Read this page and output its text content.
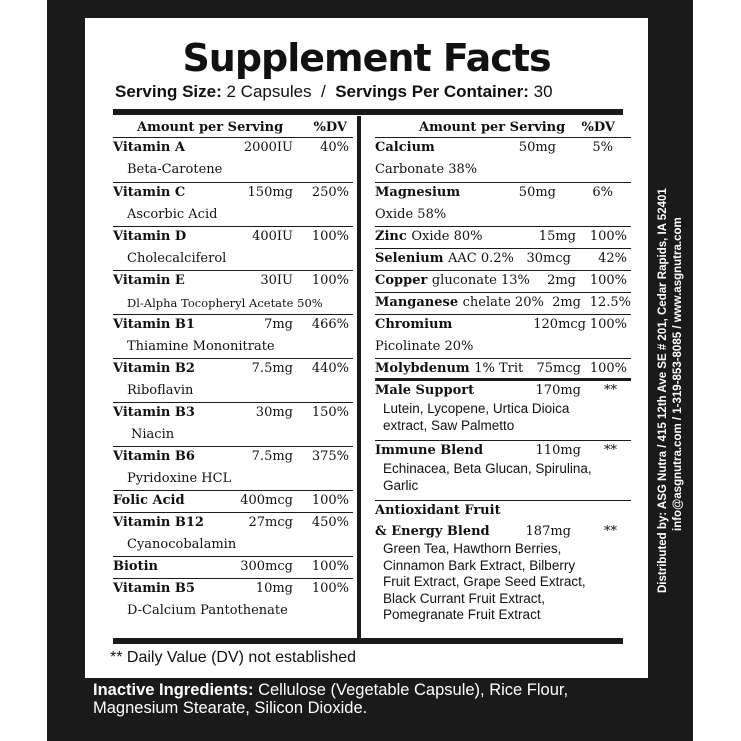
Supplement Facts
Serving Size: 2 Capsules / Servings Per Container: 30
Amount per Serving %DV
Vitamin A	2000IU 40%
Beta-Carotene
Vitamin C	150mg 250%
Ascorbic Acid
Vitamin D	400IU 100%
Cholecalciferol
Vitamin E	30IU 100%
Dl-Alpha Tocopheryl Acetate 50%
Vitamin B1	7mg 466%
Thiamine Mononitrate
Vitamin B2	7.5mg 440%
Riboflavin
Vitamin B3	30mg 150%
Niacin
Vitamin B6	7.5mg 375%
Pyridoxine HCL
Folic Acid	400mcg 100%
Vitamin B12	27mcg 450%
Cyanocobalamin
Biotin	300mcg 100%
Vitamin B5	10mg 100%
D-Calcium Pantothenate
Amount per Serving %DV
Calcium	50mg	5%
Carbonate 38%
Magnesium	50mg	6%
Oxide 58%
Zinc Oxide 80%	15mg 100%
Selenium AAC 0.2% 30mcg 42%
Copper gluconate 13% 2mg 100%
Manganese chelate 20% 2mg 12.5%
Chromium	120mcg 100%
Picolinate 20%
Molybdenum 1% Trit 75mcg 100%
Male Support	170mg **
Lutein, Lycopene, Urtica Dioica
extract, Saw Palmetto
Immune Blend	110mg **
Echinacea, Beta Glucan, Spirulina,
Garlic
Antioxidant Fruit
& Energy Blend	187mg	**
Green Tea, Hawthorn Berries,
Cinnamon Bark Extract, Bilberry
Fruit Extract, Grape Seed Extract,
Black Currant Fruit Extract,
Pomegranate Fruit Extract
** Daily Value (DV) not established
Inactive Ingredients: Cellulose (Vegetable Capsule), Rice Flour,
Magnesium Stearate, Silicon Dioxide.
Distributed by: ASG Nutra / 415 12th Ave SE # 201, Cedar Rapids, IA 52401 info@asgnutra.com / 1-319-853-8085 / www.asgnutra.com
